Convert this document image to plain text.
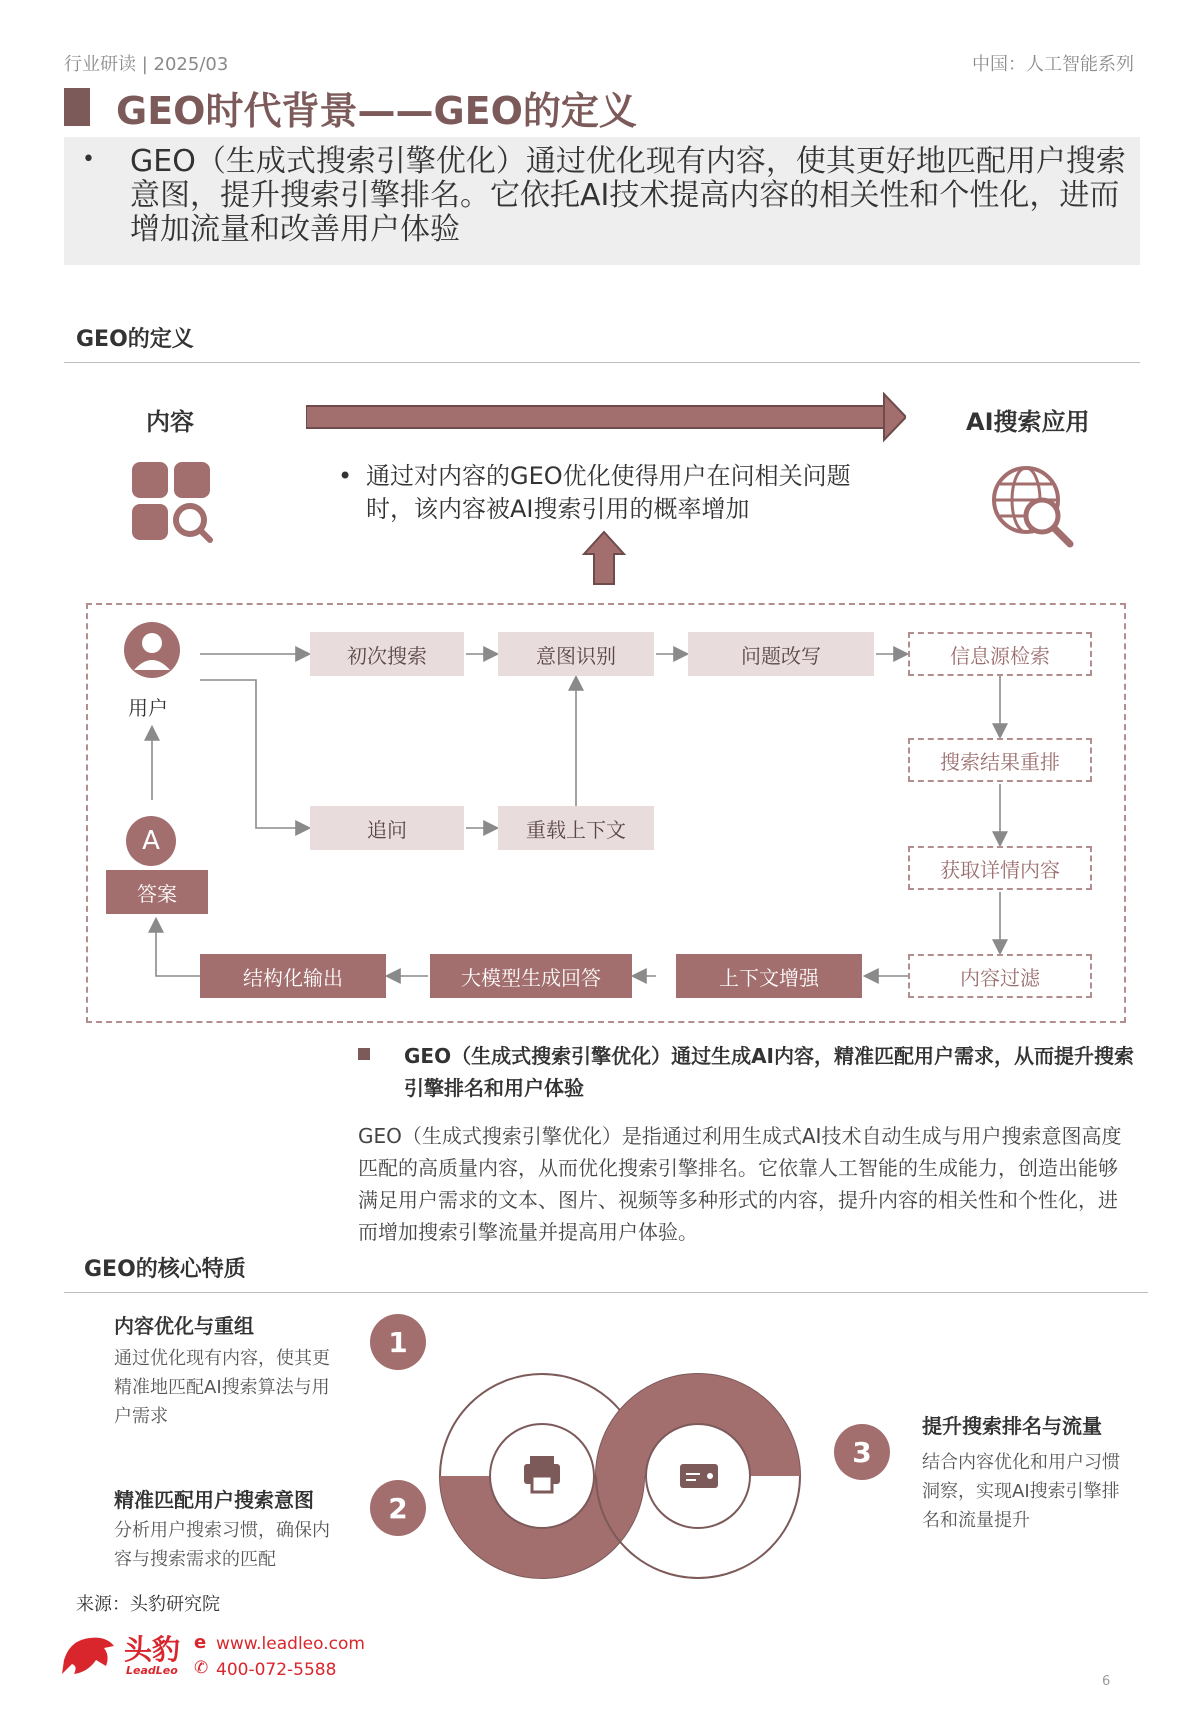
行业研读 | 2025/03	中国：人工智能系列
GEO时代背景——GEO的定义
• GEO（生成式搜索引擎优化）通过优化现有内容，使其更好地匹配用户搜索意图，提升搜索引擎排名。它依托AI技术提高内容的相关性和个性化，进而增加流量和改善用户体验
GEO的定义
内容	AI搜索应用
• 通过对内容的GEO优化使得用户在问相关问题时，该内容被AI搜索引用的概率增加
用户
A
答案
初次搜索	意图识别	问题改写	信息源检索
追问	重载上下文
搜索结果重排
获取详情内容
内容过滤
上下文增强
大模型生成回答
结构化输出
GEO（生成式搜索引擎优化）通过生成AI内容，精准匹配用户需求，从而提升搜索引擎排名和用户体验
GEO（生成式搜索引擎优化）是指通过利用生成式AI技术自动生成与用户搜索意图高度匹配的高质量内容，从而优化搜索引擎排名。它依靠人工智能的生成能力，创造出能够满足用户需求的文本、图片、视频等多种形式的内容，提升内容的相关性和个性化，进而增加搜索引擎流量并提高用户体验。
GEO的核心特质
内容优化与重组
通过优化现有内容，使其更精准地匹配AI搜索算法与用户需求
1
精准匹配用户搜索意图
分析用户搜索习惯，确保内容与搜索需求的匹配
2
3
提升搜索排名与流量
结合内容优化和用户习惯洞察，实现AI搜索引擎排名和流量提升
来源：头豹研究院
头豹
LeadLeo
e www.leadleo.com
✆ 400-072-5588
6
